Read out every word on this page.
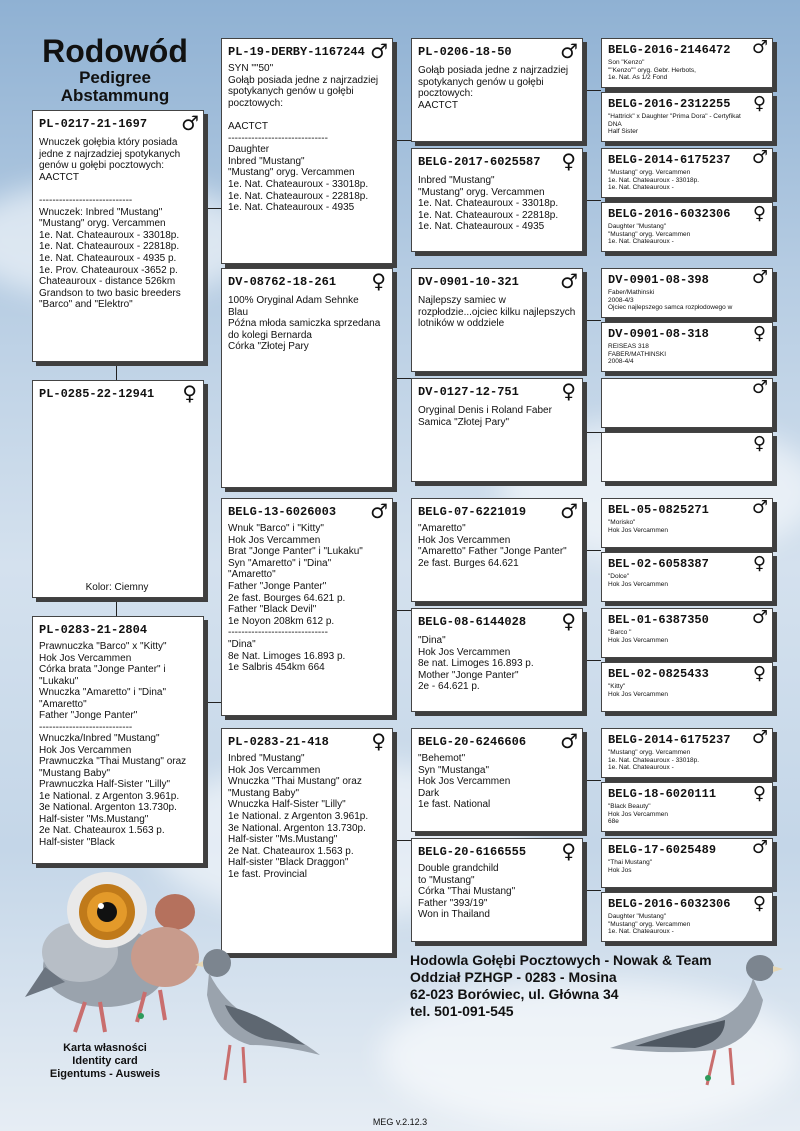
Rodowód
Pedigree
Abstammung
PL-0217-21-1697 ♂
Wnuczek gołębia który posiada jedne z najrzadziej spotykanych genów u gołębi pocztowych: AACTCT

----------------------------
Wnuczek: Inbred "Mustang"
"Mustang" oryg. Vercammen
1e. Nat. Chateauroux - 33018p.
1e. Nat. Chateauroux - 22818p.
1e. Nat. Chateauroux - 4935 p.
1e. Prov. Chateauroux -3652 p.
Chateauroux - distance 526km
Grandson to two basic breeders "Barco" and "Elektro"
PL-0285-22-12941 ♀
Kolor: Ciemny
PL-0283-21-2804
Prawnuczka "Barco" x "Kitty"
Hok Jos Vercammen
Córka brata "Jonge Panter" i "Lukaku"
Wnuczka "Amaretto" i "Dina"
"Amaretto"
Father "Jonge Panter"
----------------------------
Wnuczka/Inbred "Mustang"
Hok Jos Vercammen
Prawnuczka "Thai Mustang" oraz "Mustang Baby"
Prawnuczka Half-Sister "Lilly"
1e National. z Argenton 3.961p.
3e National. Argenton 13.730p.
Half-sister "Ms.Mustang"
2e Nat. Chateaurox 1.563 p.
Half-sister "Black
PL-19-DERBY-1167244 ♂
SYN ""50"
Gołąb posiada jedne z najrzadziej spotykanych genów u gołębi pocztowych:

AACTCT
------------------------------
Daughter
Inbred "Mustang"
"Mustang" oryg. Vercammen
1e. Nat. Chateauroux - 33018p.
1e. Nat. Chateauroux - 22818p.
1e. Nat. Chateauroux - 4935
DV-08762-18-261 ♀
100% Oryginal Adam Sehnke
Blau
Późna młoda samiczka sprzedana do kolegi Bernarda
Córka "Złotej Pary
BELG-13-6026003 ♂
Wnuk "Barco" i "Kitty"
Hok Jos Vercammen
Brat "Jonge Panter" i "Lukaku"
Syn "Amaretto" i "Dina"
"Amaretto"
Father "Jonge Panter"
2e fast. Bourges 64.621 p.
Father "Black Devil"
1e Noyon 208km 612 p.
------------------------------
"Dina"
8e Nat. Limoges 16.893 p.
1e Salbris 454km 664
PL-0283-21-418 ♀
Inbred "Mustang"
Hok Jos Vercammen
Wnuczka "Thai Mustang" oraz "Mustang Baby"
Wnuczka Half-Sister "Lilly"
1e National. z Argenton 3.961p.
3e National. Argenton 13.730p.
Half-sister "Ms.Mustang"
2e Nat. Chateaurox 1.563 p.
Half-sister "Black Draggon"
1e fast. Provincial
PL-0206-18-50 ♂
Gołąb posiada jedne z najrzadziej spotykanych genów u gołębi pocztowych:
AACTCT
BELG-2017-6025587 ♀
Inbred "Mustang"
"Mustang" oryg. Vercammen
1e. Nat. Chateauroux - 33018p.
1e. Nat. Chateauroux - 22818p.
1e. Nat. Chateauroux - 4935
DV-0901-10-321 ♂
Najlepszy samiec w rozpłodzie...ojciec kilku najlepszych lotników w oddziele
DV-0127-12-751 ♀
Oryginal Denis i Roland Faber
Samica "Złotej Pary"
BELG-07-6221019 ♂
"Amaretto"
Hok Jos Vercammen
"Amaretto" Father "Jonge Panter"
2e fast. Burges 64.621
BELG-08-6144028 ♀
"Dina"
Hok Jos Vercammen
8e nat. Limoges 16.893 p.
Mother "Jonge Panter"
2e - 64.621 p.
BELG-20-6246606 ♂
"Behemot"
Syn "Mustanga"
Hok Jos Vercammen
Dark
1e fast. National
BELG-20-6166555 ♀
Double grandchild
to "Mustang"
Córka "Thai Mustang"
Father "393/19"
Won in Thailand
BELG-2016-2146472 ♂
Son "Kenzo"
""Kenzo"" oryg. Gebr. Herbots,
1e. Nat. As 1/2 Fond
BELG-2016-2312255 ♀
"Hattrick" x Daughter "Prima Dora" - Certyfikat DNA
Half Sister
BELG-2014-6175237 ♂
"Mustang" oryg. Vercammen
1e. Nat. Chateauroux - 33018p.
1e. Nat. Chateauroux -
BELG-2016-6032306 ♀
Daughter "Mustang"
"Mustang" oryg. Vercammen
1e. Nat. Chateauroux -
DV-0901-08-398 ♂
Faber/Mathinski
2008-4/3
Ojciec najlepszego samca rozpłodowego w
DV-0901-08-318 ♀
REISEAS 318
FABER/MATHINSKI
2008-4/4
♂
♀
BEL-05-0825271 ♂
"Morisko"
Hok Jos Vercammen
BEL-02-6058387 ♀
"Dolce"
Hok Jos Vercammen
BEL-01-6387350 ♂
"Barco "
Hok Jos Vercammen
BEL-02-0825433 ♀
"Kitty"
Hok Jos Vercammen
BELG-2014-6175237 ♂
"Mustang" oryg. Vercammen
1e. Nat. Chateauroux - 33018p.
1e. Nat. Chateauroux -
BELG-18-6020111 ♀
"Black Beauty"
Hok Jos Vercammen
68e
BELG-17-6025489 ♂
"Thai Mustang"
Hok Jos
BELG-2016-6032306 ♀
Daughter "Mustang"
"Mustang" oryg. Vercammen
1e. Nat. Chateauroux -
Hodowla Gołębi Pocztowych - Nowak & Team
Oddział PZHGP - 0283 - Mosina
62-023 Borówiec, ul. Główna 34
tel. 501-091-545
Karta własności
Identity card
Eigentums - Ausweis
MEG v.2.12.3
